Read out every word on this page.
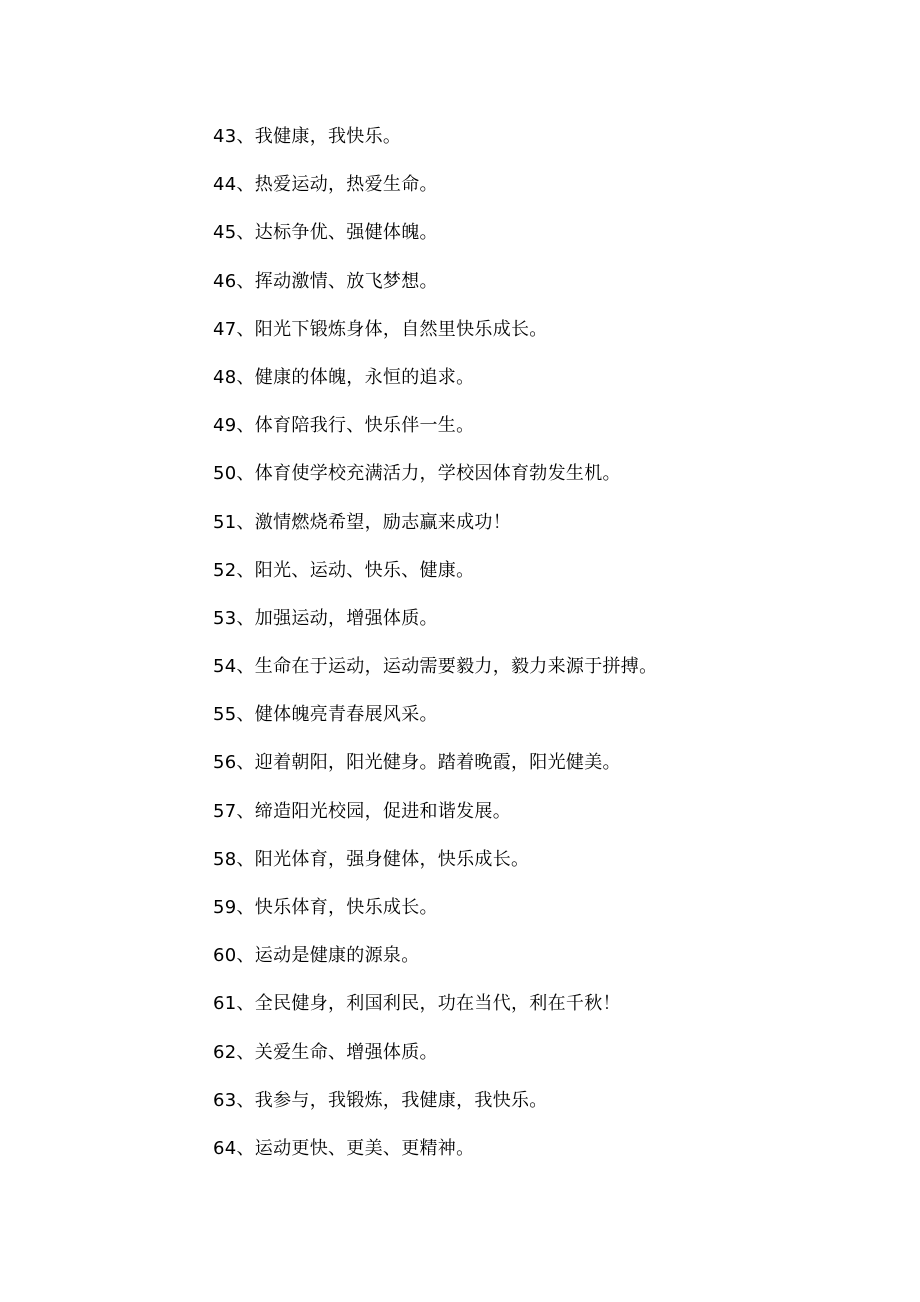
43、我健康，我快乐。
44、热爱运动，热爱生命。
45、达标争优、强健体魄。
46、挥动激情、放飞梦想。
47、阳光下锻炼身体，自然里快乐成长。
48、健康的体魄，永恒的追求。
49、体育陪我行、快乐伴一生。
50、体育使学校充满活力，学校因体育勃发生机。
51、激情燃烧希望，励志赢来成功！
52、阳光、运动、快乐、健康。
53、加强运动，增强体质。
54、生命在于运动，运动需要毅力，毅力来源于拼搏。
55、健体魄亮青春展风采。
56、迎着朝阳，阳光健身。踏着晚霞，阳光健美。
57、缔造阳光校园，促进和谐发展。
58、阳光体育，强身健体，快乐成长。
59、快乐体育，快乐成长。
60、运动是健康的源泉。
61、全民健身，利国利民，功在当代，利在千秋！
62、关爱生命、增强体质。
63、我参与，我锻炼，我健康，我快乐。
64、运动更快、更美、更精神。
